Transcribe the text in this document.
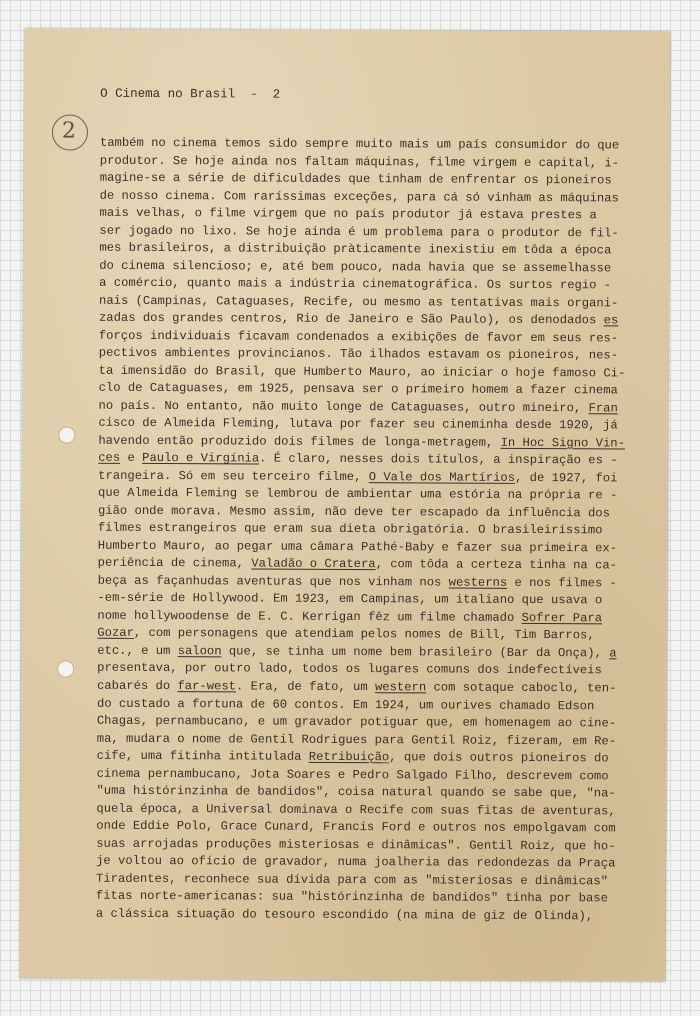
2
O Cinema no Brasil  -  2
também no cinema temos sido sempre muito mais um país consumidor do que
produtor. Se hoje ainda nos faltam máquinas, filme virgem e capital, i-
magine-se a série de dificuldades que tinham de enfrentar os pioneiros
de nosso cinema. Com raríssimas exceções, para cá só vinham as máquinas
mais velhas, o filme virgem que no país produtor já estava prestes a
ser jogado no lixo. Se hoje ainda é um problema para o produtor de fil-
mes brasileiros, a distribuição pràticamente inexistiu em tôda a época
do cinema silencioso; e, até bem pouco, nada havia que se assemelhasse
a comércio, quanto mais a indústria cinematográfica. Os surtos regio -
nais (Campinas, Cataguases, Recife, ou mesmo as tentativas mais organi-
zadas dos grandes centros, Rio de Janeiro e São Paulo), os denodados es
forços individuais ficavam condenados a exibições de favor em seus res-
pectivos ambientes provincianos. Tão ilhados estavam os pioneiros, nes-
ta imensidão do Brasil, que Humberto Mauro, ao iniciar o hoje famoso Ci-
clo de Cataguases, em 1925, pensava ser o primeiro homem a fazer cinema
no país. No entanto, não muito longe de Cataguases, outro mineiro, Fran
cisco de Almeida Fleming, lutava por fazer seu cineminha desde 1920, já
havendo então produzido dois filmes de longa-metragem, In Hoc Signo Vin-
ces e Paulo e Virgínia. É claro, nesses dois títulos, a inspiração es -
trangeira. Só em seu terceiro filme, O Vale dos Martírios, de 1927, foi
que Almeida Fleming se lembrou de ambientar uma estória na própria re -
gião onde morava. Mesmo assim, não deve ter escapado da influência dos
filmes estrangeiros que eram sua dieta obrigatória. O brasileiríssimo
Humberto Mauro, ao pegar uma câmara Pathé-Baby e fazer sua primeira ex-
periência de cinema, Valadão o Cratera, com tôda a certeza tinha na ca-
beça as façanhudas aventuras que nos vinham nos westerns e nos filmes -
-em-série de Hollywood. Em 1923, em Campinas, um italiano que usava o
nome hollywoodense de E. C. Kerrigan fêz um filme chamado Sofrer Para
Gozar, com personagens que atendiam pelos nomes de Bill, Tim Barros,
etc., e um saloon que, se tinha um nome bem brasileiro (Bar da Onça), a
presentava, por outro lado, todos os lugares comuns dos indefectíveis
cabarés do far-west. Era, de fato, um western com sotaque caboclo, ten-
do custado a fortuna de 60 contos. Em 1924, um ourives chamado Edson
Chagas, pernambucano, e um gravador potiguar que, em homenagem ao cine-
ma, mudara o nome de Gentil Rodrigues para Gentil Roiz, fizeram, em Re-
cife, uma fitinha intitulada Retribuição, que dois outros pioneiros do
cinema pernambucano, Jota Soares e Pedro Salgado Filho, descrevem como
"uma histórinzinha de bandidos", coisa natural quando se sabe que, "na-
quela época, a Universal dominava o Recife com suas fitas de aventuras,
onde Eddie Polo, Grace Cunard, Francis Ford e outros nos empolgavam com
suas arrojadas produções misteriosas e dinâmicas". Gentil Roiz, que ho-
je voltou ao ofício de gravador, numa joalheria das redondezas da Praça
Tiradentes, reconhece sua dívida para com as "misteriosas e dinâmicas"
fitas norte-americanas: sua "histórinzinha de bandidos" tinha por base
a clássica situação do tesouro escondido (na mina de giz de Olinda),
